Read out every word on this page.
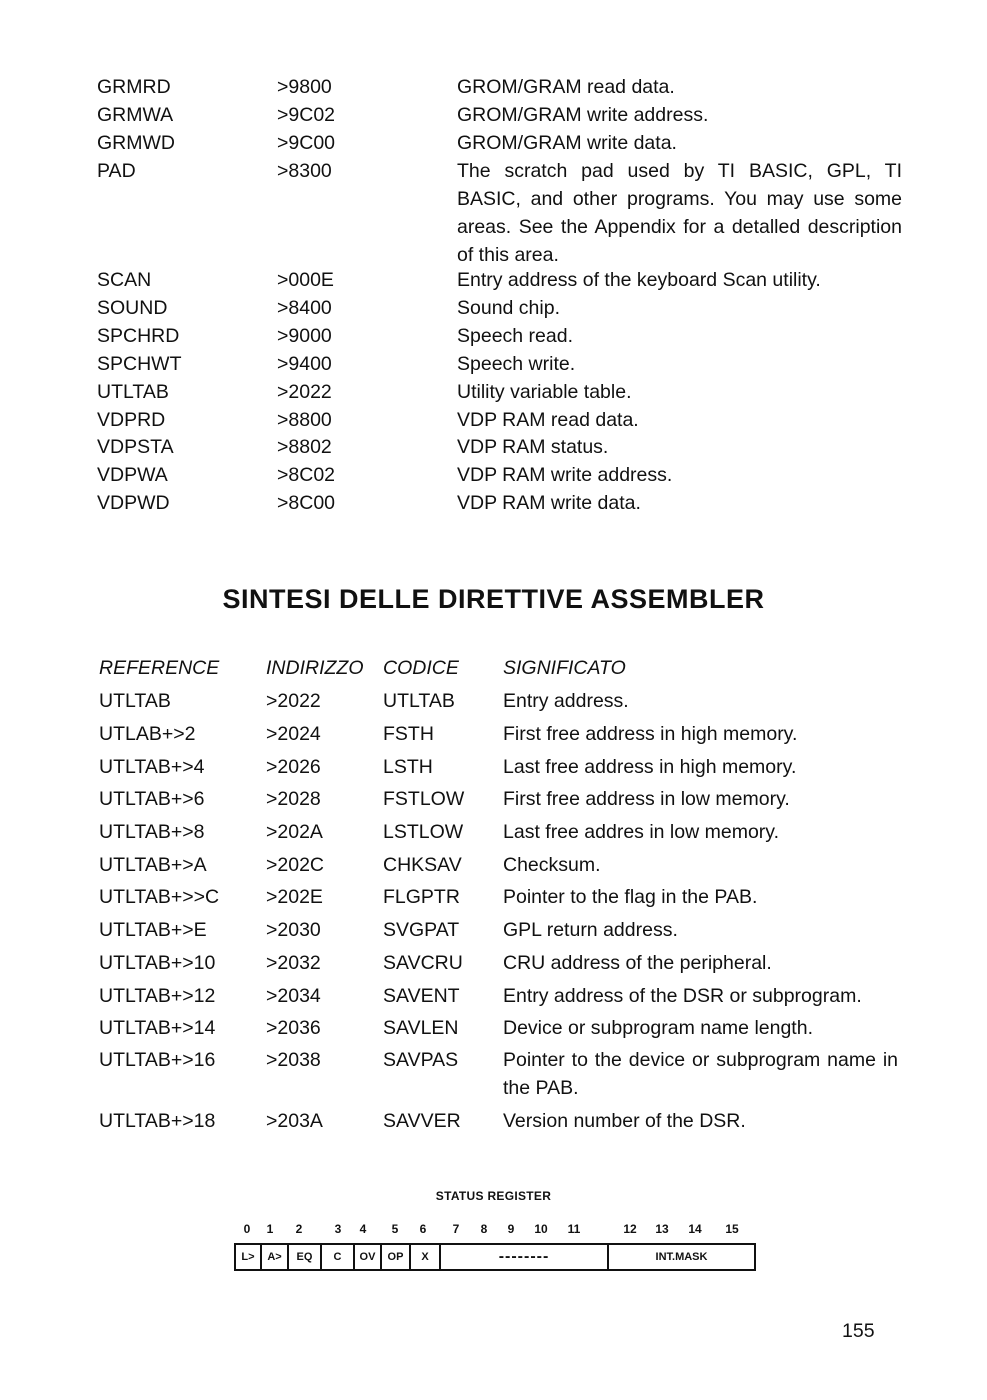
GRMRD	>9800	GROM/GRAM read data.
GRMWA	>9C02	GROM/GRAM write address.
GRMWD	>9C00	GROM/GRAM write data.
PAD	>8300	The scratch pad used by TI BASIC, GPL, TI BASIC, and other programs. You may use some areas. See the Appendix for a detalled description of this area.
SCAN	>000E	Entry address of the keyboard Scan utility.
SOUND	>8400	Sound chip.
SPCHRD	>9000	Speech read.
SPCHWT	>9400	Speech write.
UTLTAB	>2022	Utility variable table.
VDPRD	>8800	VDP RAM read data.
VDPSTA	>8802	VDP RAM status.
VDPWA	>8C02	VDP RAM write address.
VDPWD	>8C00	VDP RAM write data.
SINTESI DELLE DIRETTIVE ASSEMBLER
REFERENCE INDIRIZZO CODICE SIGNIFICATO
UTLTAB	>2022	UTLTAB Entry address.
UTLAB+>2	>2024	FSTH	First free address in high memory.
UTLTAB+>4	>2026	LSTH	Last free address in high memory.
UTLTAB+>6	>2028	FSTLOW First free address in low memory.
UTLTAB+>8	>202A	LSTLOW Last free addres in low memory.
UTLTAB+>A	>202C	CHKSAV Checksum.
UTLTAB+>>C >202E	FLGPTR Pointer to the flag in the PAB.
UTLTAB+>E	>2030	SVGPAT GPL return address.
UTLTAB+>10	>2032	SAVCRU CRU address of the peripheral.
UTLTAB+>12	>2034	SAVENT Entry address of the DSR or subprogram.
UTLTAB+>14	>2036	SAVLEN Device or subprogram name length.
UTLTAB+>16	>2038	SAVPAS Pointer to the device or subprogram name in the PAB.
UTLTAB+>18	>203A	SAVVER Version number of the DSR.
STATUS REGISTER
0 1 2	3 4 5 6 7 8 9 10 11	12 13 14 15
L>	A>	EQ	C	OV	OP	X	--------	INT.MASK
155
